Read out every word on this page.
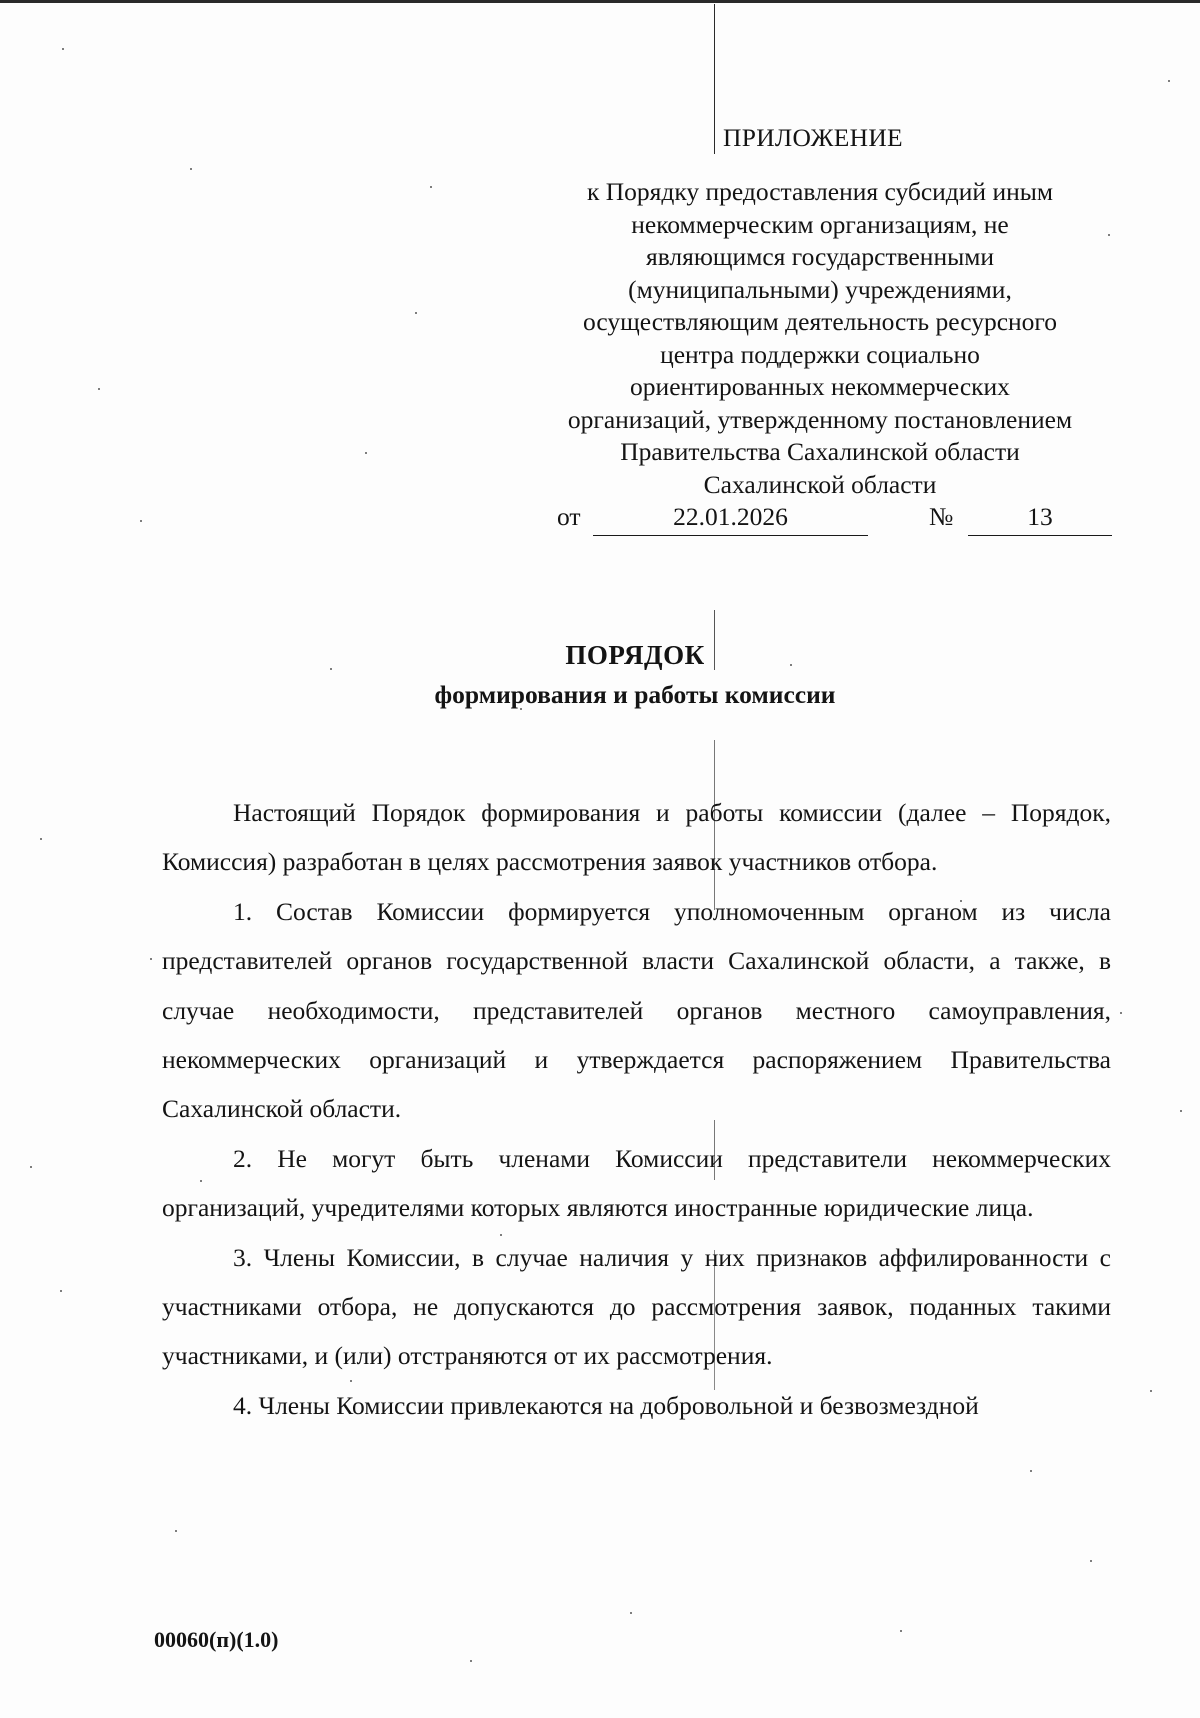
ПРИЛОЖЕНИЕ
к Порядку предоставления субсидий иным
некоммерческим организациям, не
являющимся государственными
(муниципальными) учреждениями,
осуществляющим деятельность ресурсного
центра поддержки социально
ориентированных некоммерческих
организаций, утвержденному постановлением
Правительства Сахалинской области
Сахалинской области
от	22.01.2026	№	13
ПОРЯДОК
формирования и работы комиссии

Настоящий Порядок формирования и работы комиссии (далее – Порядок, Комиссия) разработан в целях рассмотрения заявок участников отбора.

1. Состав Комиссии формируется уполномоченным органом из числа представителей органов государственной власти Сахалинской области, а также, в случае необходимости, представителей органов местного самоуправления, некоммерческих организаций и утверждается распоряжением Правительства Сахалинской области.

2. Не могут быть членами Комиссии представители некоммерческих организаций, учредителями которых являются иностранные юридические лица.

3. Члены Комиссии, в случае наличия у них признаков аффилированности с участниками отбора, не допускаются до рассмотрения заявок, поданных такими участниками, и (или) отстраняются от их рассмотрения.

4. Члены Комиссии привлекаются на добровольной и безвозмездной

00060(п)(1.0)
